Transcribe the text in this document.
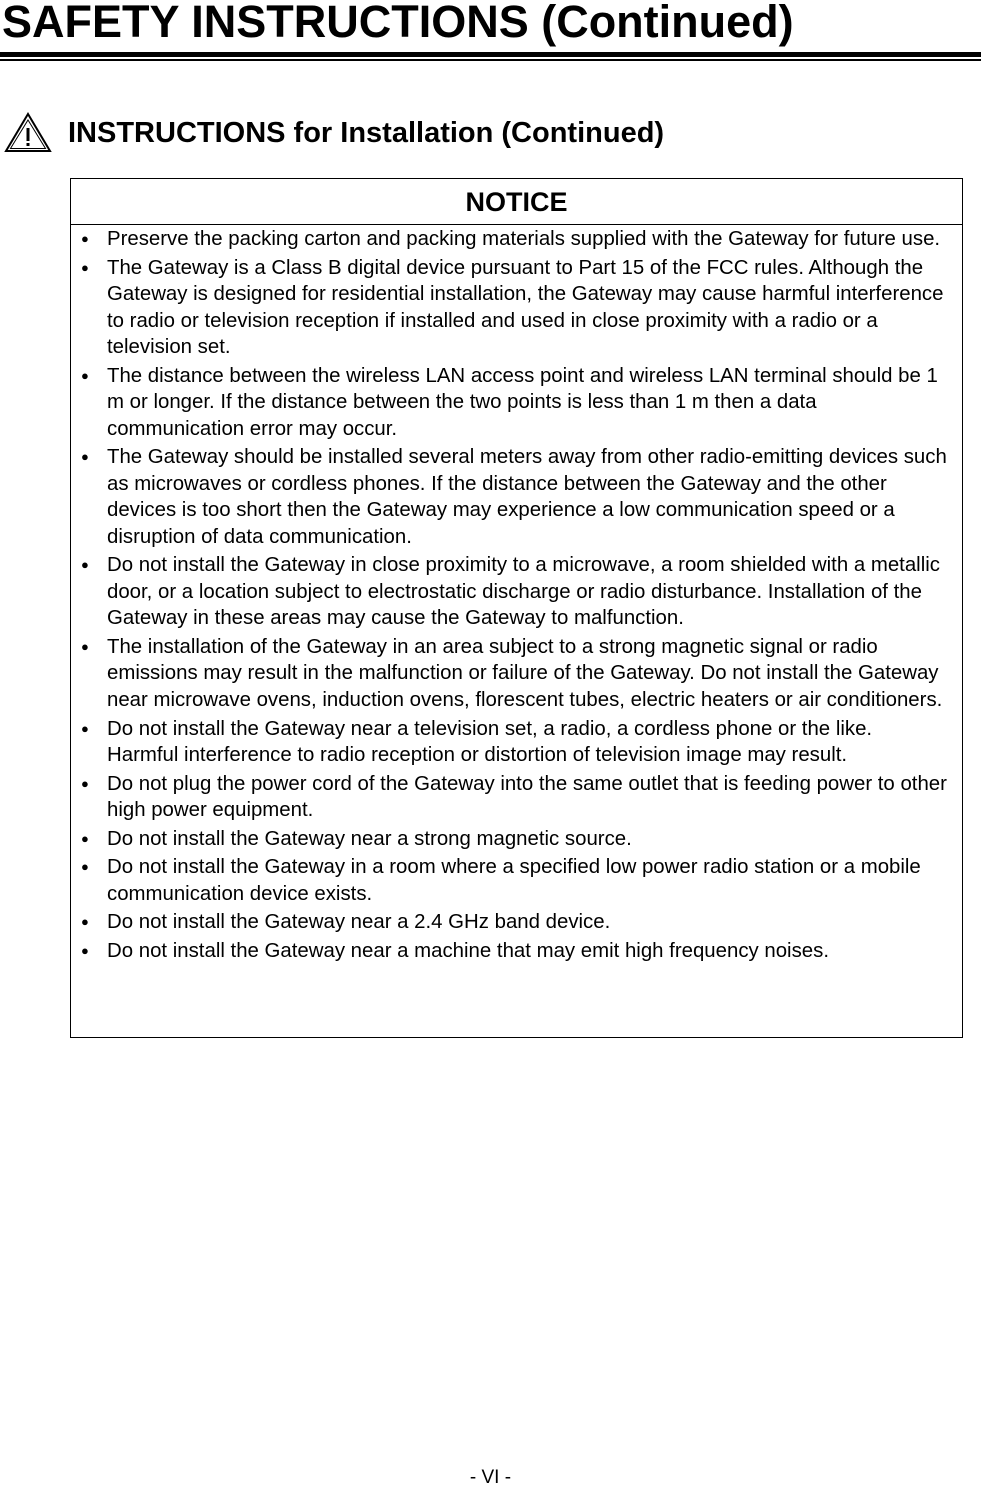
SAFETY INSTRUCTIONS (Continued)
INSTRUCTIONS for Installation (Continued)
NOTICE
● Preserve the packing carton and packing materials supplied with the Gateway for future use.
● The Gateway is a Class B digital device pursuant to Part 15 of the FCC rules. Although the Gateway is designed for residential installation, the Gateway may cause harmful interference to radio or television reception if installed and used in close proximity with a radio or a television set.
● The distance between the wireless LAN access point and wireless LAN terminal should be 1 m or longer. If the distance between the two points is less than 1 m then a data communication error may occur.
● The Gateway should be installed several meters away from other radio-emitting devices such as microwaves or cordless phones. If the distance between the Gateway and the other devices is too short then the Gateway may experience a low communication speed or a disruption of data communication.
● Do not install the Gateway in close proximity to a microwave, a room shielded with a metallic door, or a location subject to electrostatic discharge or radio disturbance. Installation of the Gateway in these areas may cause the Gateway to malfunction.
● The installation of the Gateway in an area subject to a strong magnetic signal or radio emissions may result in the malfunction or failure of the Gateway. Do not install the Gateway near microwave ovens, induction ovens, florescent tubes, electric heaters or air conditioners.
● Do not install the Gateway near a television set, a radio, a cordless phone or the like.    Harmful interference to radio reception or distortion of television image may result.
● Do not plug the power cord of the Gateway into the same outlet that is feeding power to other high power equipment.
● Do not install the Gateway near a strong magnetic source.
● Do not install the Gateway in a room where a specified low power radio station or a mobile communication device exists.
● Do not install the Gateway near a 2.4 GHz band device.
● Do not install the Gateway near a machine that may emit high frequency noises.
- VI -
